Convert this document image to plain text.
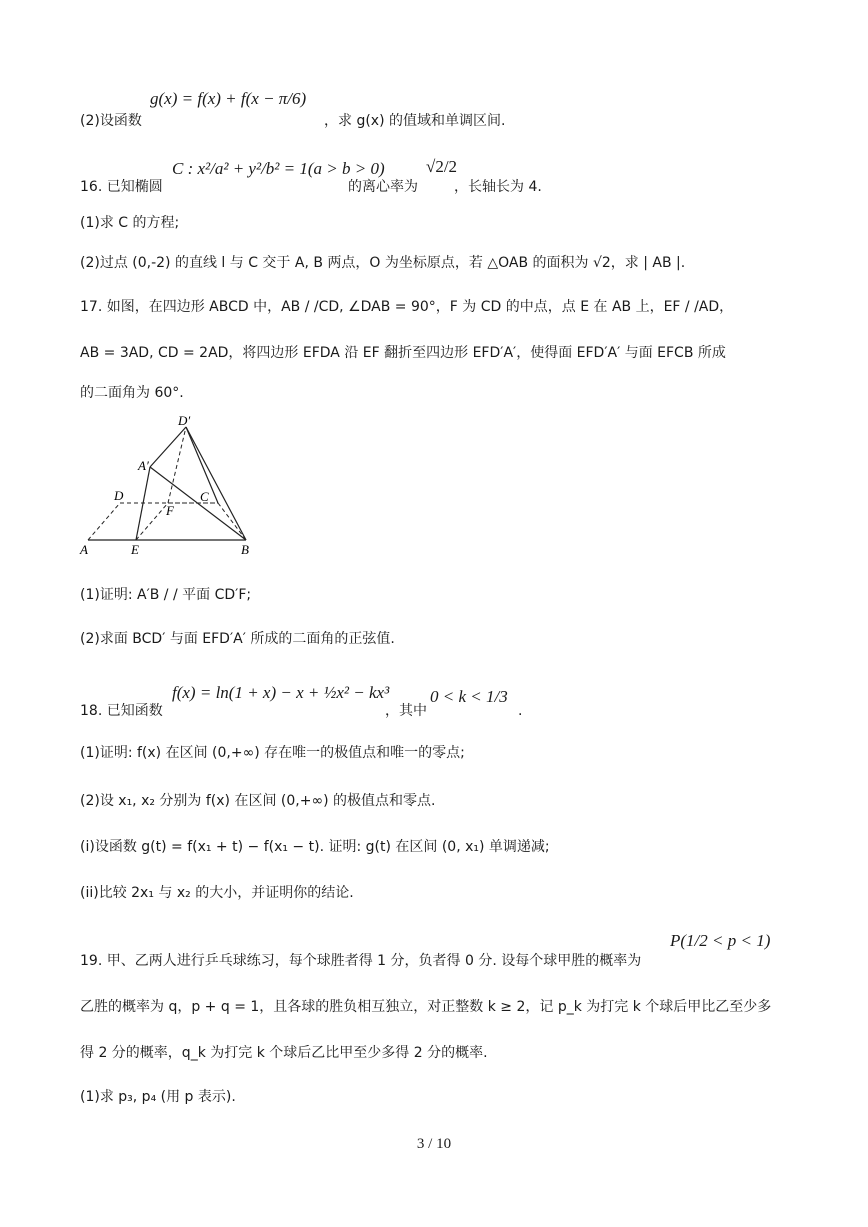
(2)设函数
g(x) = f(x) + f(x − π/6)
，求 g(x) 的值域和单调区间.
16. 已知椭圆
C : x²/a² + y²/b² = 1(a > b > 0)
的离心率为
√2/2
，长轴长为 4.
(1)求 C 的方程;
(2)过点 (0,-2) 的直线 l 与 C 交于 A, B 两点，O 为坐标原点，若 △OAB 的面积为 √2，求 | AB |.
17. 如图，在四边形 ABCD 中，AB / /CD, ∠DAB = 90°，F 为 CD 的中点，点 E 在 AB 上，EF / /AD，
AB = 3AD, CD = 2AD，将四边形 EFDA 沿 EF 翻折至四边形 EFD′A′，使得面 EFD′A′ 与面 EFCB 所成
的二面角为 60°.
D′
A′
D	C
F
A	E	B
(1)证明: A′B / / 平面 CD′F;
(2)求面 BCD′ 与面 EFD′A′ 所成的二面角的正弦值.
18. 已知函数
f(x) = ln(1 + x) − x + ½x² − kx³
，其中
0 < k < 1/3
.
(1)证明: f(x) 在区间 (0,+∞) 存在唯一的极值点和唯一的零点;
(2)设 x₁, x₂ 分别为 f(x) 在区间 (0,+∞) 的极值点和零点.
(i)设函数 g(t) = f(x₁ + t) − f(x₁ − t). 证明: g(t) 在区间 (0, x₁) 单调递减;
(ii)比较 2x₁ 与 x₂ 的大小，并证明你的结论.
19. 甲、乙两人进行乒乓球练习，每个球胜者得 1 分，负者得 0 分. 设每个球甲胜的概率为
P(1/2 < p < 1)
乙胜的概率为 q，p + q = 1，且各球的胜负相互独立，对正整数 k ≥ 2，记 p_k 为打完 k 个球后甲比乙至少多
得 2 分的概率，q_k 为打完 k 个球后乙比甲至少多得 2 分的概率.
(1)求 p₃, p₄ (用 p 表示).
3 / 10
